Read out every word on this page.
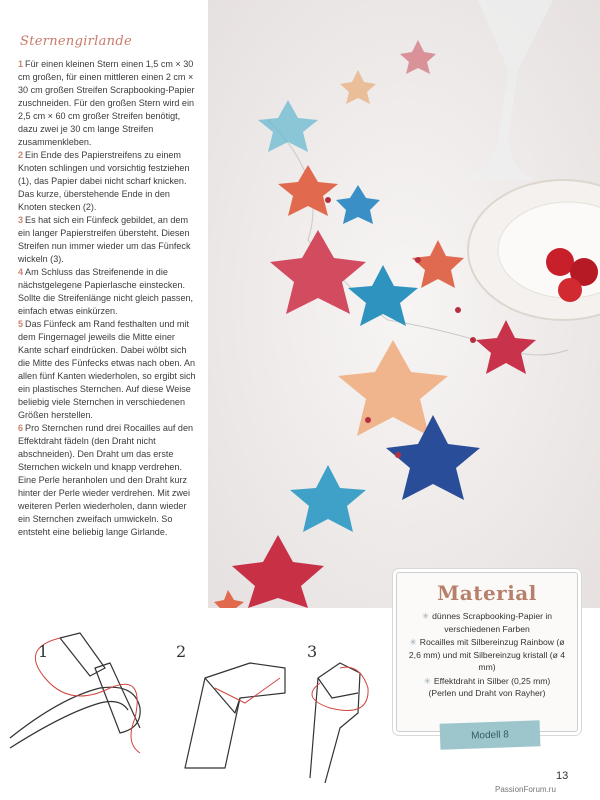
Sternengirlande

1 Für einen kleinen Stern einen 1,5 cm × 30 cm großen, für einen mittleren einen 2 cm × 30 cm großen Streifen Scrapbooking-Papier zuschneiden. Für den großen Stern wird ein 2,5 cm × 60 cm großer Streifen benötigt, dazu zwei je 30 cm lange Streifen zusammenkleben.

2 Ein Ende des Papierstreifens zu einem Knoten schlingen und vorsichtig festziehen (1), das Papier dabei nicht scharf knicken. Das kurze, überstehende Ende in den Knoten stecken (2).

3 Es hat sich ein Fünfeck gebildet, an dem ein langer Papierstreifen übersteht. Diesen Streifen nun immer wieder um das Fünfeck wickeln (3).

4 Am Schluss das Streifenende in die nächstgelegene Papierlasche einstecken. Sollte die Streifenlänge nicht gleich passen, einfach etwas einkürzen.

5 Das Fünfeck am Rand festhalten und mit dem Fingernagel jeweils die Mitte einer Kante scharf eindrücken. Dabei wölbt sich die Mitte des Fünfecks etwas nach oben. An allen fünf Kanten wiederholen, so ergibt sich ein plastisches Sternchen. Auf diese Weise beliebig viele Sternchen in verschiedenen Größen herstellen.

6 Pro Sternchen rund drei Rocailles auf den Effektdraht fädeln (den Draht nicht abschneiden). Den Draht um das erste Sternchen wickeln und knapp verdrehen. Eine Perle heranholen und den Draht kurz hinter der Perle wieder verdrehen. Mit zwei weiteren Perlen wiederholen, dann wieder ein Sternchen zweifach umwickeln. So entsteht eine beliebig lange Girlande.

1	2	3
Material
✳ dünnes Scrapbooking-Papier in verschiedenen Farben
✳ Rocailles mit Silbereinzug Rainbow (ø 2,6 mm) und mit Silbereinzug kristall (ø 4 mm)
✳ Effektdraht in Silber (0,25 mm)
(Perlen und Draht von Rayher)
Modell 8
13
PassionForum.ru
